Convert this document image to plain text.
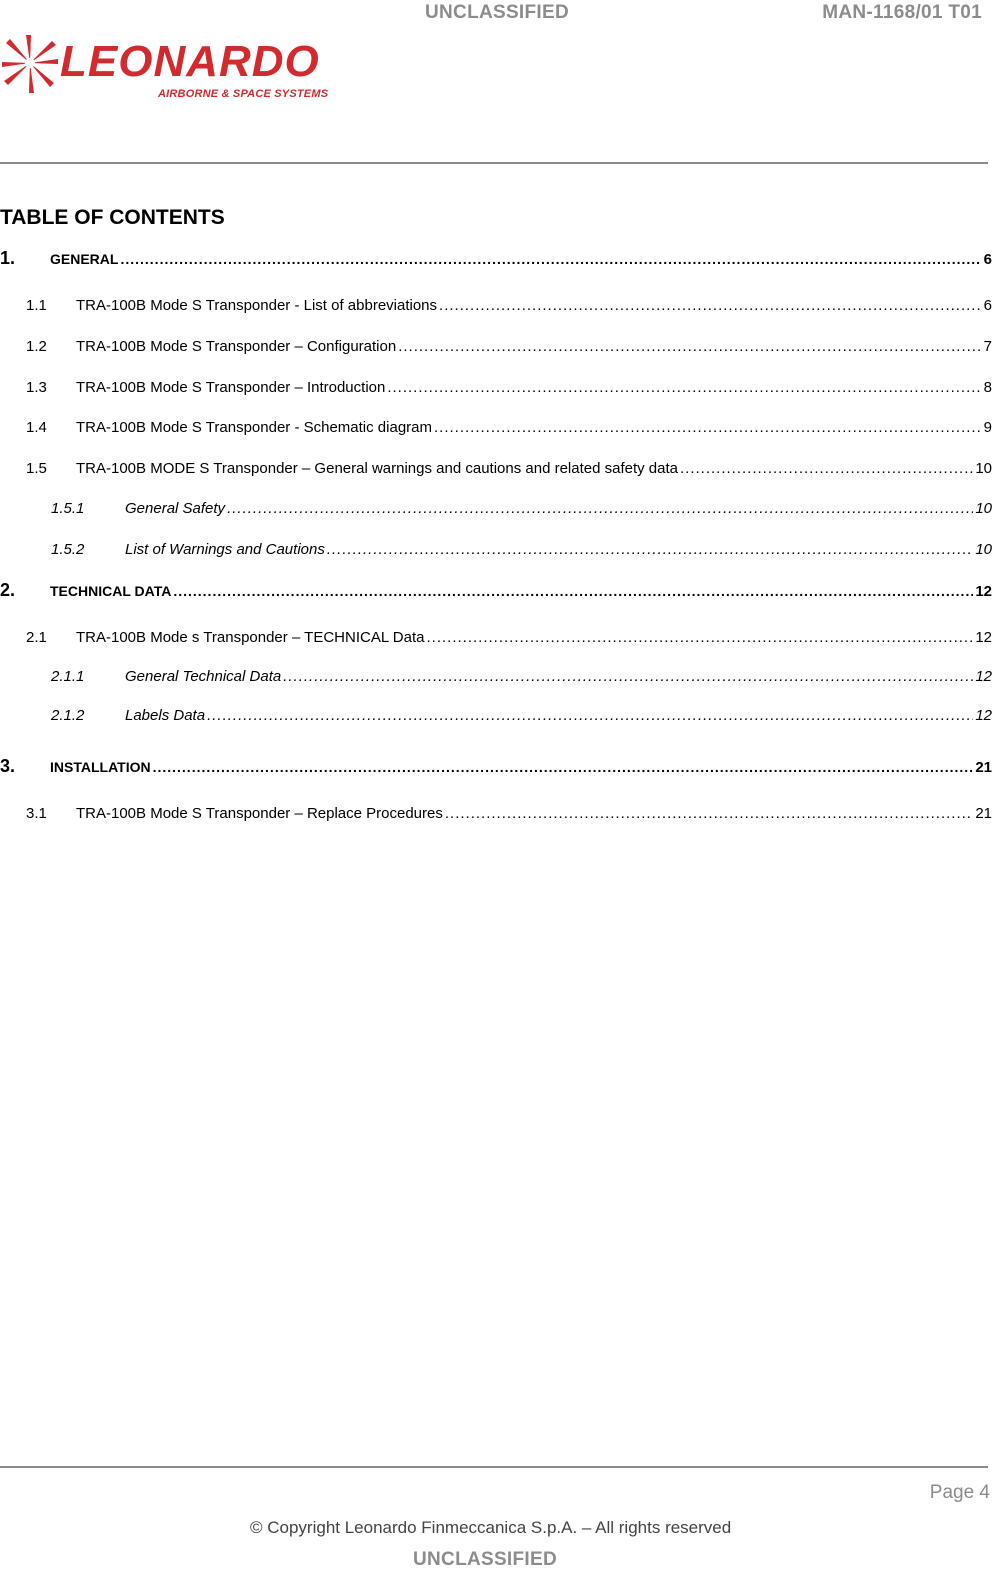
UNCLASSIFIED	MAN-1168/01 T01
LEONARDO
AIRBORNE & SPACE SYSTEMS
TABLE OF CONTENTS
1.	GENERAL .....	6
1.1	TRA-100B Mode S Transponder - List of abbreviations .....	6
1.2	TRA-100B Mode S Transponder – Configuration .....	7
1.3	TRA-100B Mode S Transponder – Introduction .....	8
1.4	TRA-100B Mode S Transponder - Schematic diagram .....	9
1.5	TRA-100B MODE S Transponder – General warnings and cautions and related safety data .....	10
1.5.1	General Safety .....	10
1.5.2	List of Warnings and Cautions .....	10
2.	TECHNICAL DATA .....	12
2.1	TRA-100B Mode s Transponder – TECHNICAL Data .....	12
2.1.1	General Technical Data .....	12
2.1.2	Labels Data .....	12
3.	INSTALLATION .....	21
3.1	TRA-100B Mode S Transponder – Replace Procedures .....	21
Page 4
© Copyright Leonardo Finmeccanica S.p.A. – All rights reserved
UNCLASSIFIED
